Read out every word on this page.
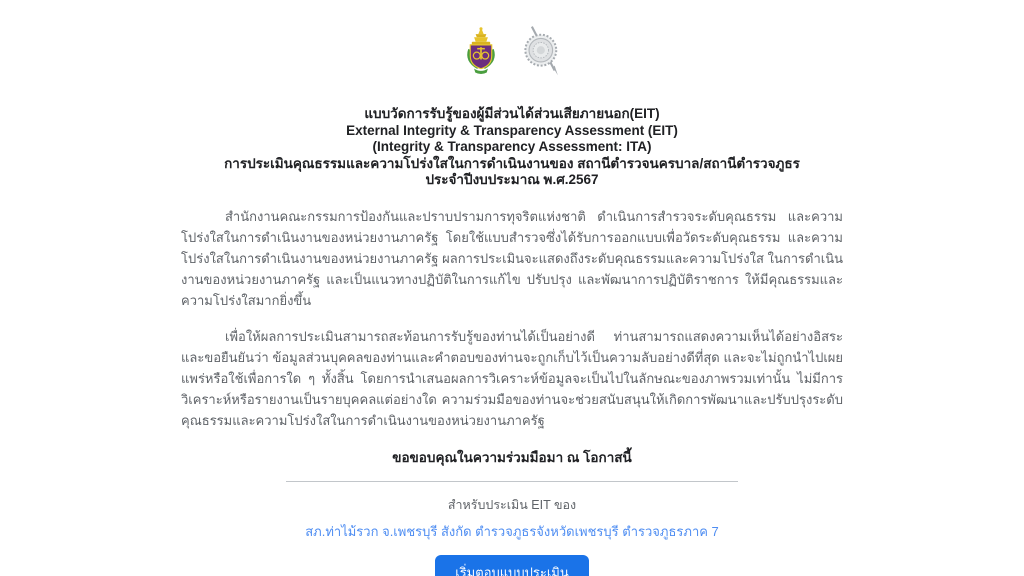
แบบวัดการรับรู้ของผู้มีส่วนได้ส่วนเสียภายนอก(EIT)
External Integrity & Transparency Assessment (EIT)
(Integrity & Transparency Assessment: ITA)
การประเมินคุณธรรมและความโปร่งใสในการดำเนินงานของ สถานีตำรวจนครบาล/สถานีตำรวจภูธร
ประจำปีงบประมาณ พ.ศ.2567

สำนักงานคณะกรรมการป้องกันและปราบปรามการทุจริตแห่งชาติ ดำเนินการสำรวจระดับคุณธรรม และความโปร่งใสในการดำเนินงานของหน่วยงานภาครัฐ โดยใช้แบบสำรวจซึ่งได้รับการออกแบบเพื่อวัดระดับคุณธรรม และความโปร่งใสในการดำเนินงานของหน่วยงานภาครัฐ ผลการประเมินจะแสดงถึงระดับคุณธรรมและความโปร่งใส ในการดำเนินงานของหน่วยงานภาครัฐ และเป็นแนวทางปฏิบัติในการแก้ไข ปรับปรุง และพัฒนาการปฏิบัติราชการ ให้มีคุณธรรมและความโปร่งใสมากยิ่งขึ้น

เพื่อให้ผลการประเมินสามารถสะท้อนการรับรู้ของท่านได้เป็นอย่างดี ท่านสามารถแสดงความเห็นได้อย่างอิสระ และขอยืนยันว่า ข้อมูลส่วนบุคคลของท่านและคำตอบของท่านจะถูกเก็บไว้เป็นความลับอย่างดีที่สุด และจะไม่ถูกนำไปเผยแพร่หรือใช้เพื่อการใด ๆ ทั้งสิ้น โดยการนำเสนอผลการวิเคราะห์ข้อมูลจะเป็นไปในลักษณะของภาพรวมเท่านั้น ไม่มีการวิเคราะห์หรือรายงานเป็นรายบุคคลแต่อย่างใด ความร่วมมือของท่านจะช่วยสนับสนุนให้เกิดการพัฒนาและปรับปรุงระดับคุณธรรมและความโปร่งใสในการดำเนินงานของหน่วยงานภาครัฐ

ขอขอบคุณในความร่วมมือมา ณ โอกาสนี้
สำหรับประเมิน EIT ของ
สภ.ท่าไม้รวก จ.เพชรบุรี สังกัด ตำรวจภูธรจังหวัดเพชรบุรี ตำรวจภูธรภาค 7
เริ่มตอบแบบประเมิน
